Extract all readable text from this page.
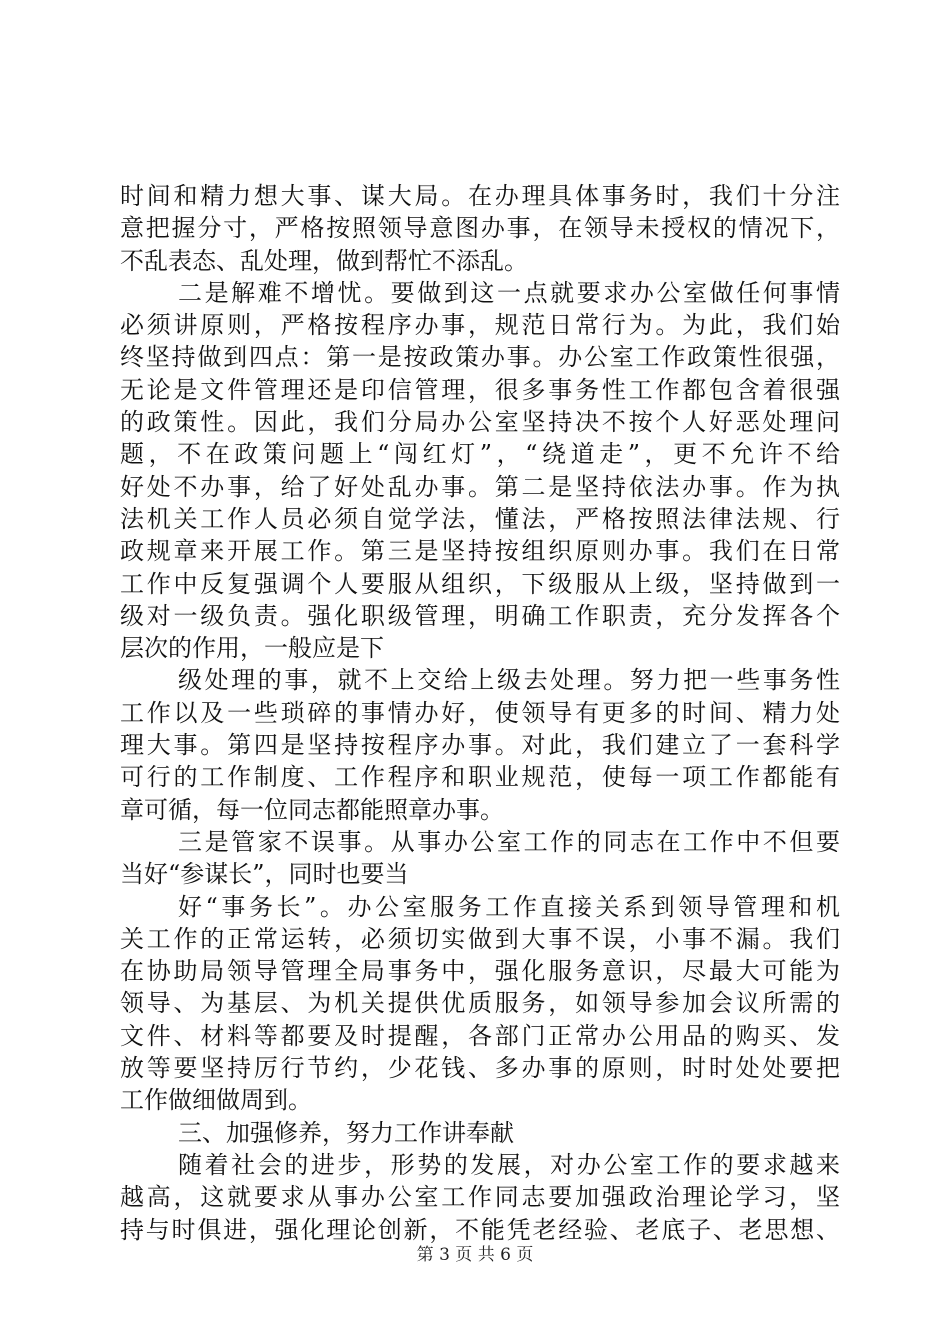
时间和精力想大事、谋大局。在办理具体事务时，我们十分注
意把握分寸，严格按照领导意图办事，在领导未授权的情况下，
不乱表态、乱处理，做到帮忙不添乱。
二是解难不增忧。要做到这一点就要求办公室做任何事情
必须讲原则，严格按程序办事，规范日常行为。为此，我们始
终坚持做到四点：第一是按政策办事。办公室工作政策性很强，
无论是文件管理还是印信管理，很多事务性工作都包含着很强
的政策性。因此，我们分局办公室坚持决不按个人好恶处理问
题，不在政策问题上“闯红灯”，“绕道走”，更不允许不给
好处不办事，给了好处乱办事。第二是坚持依法办事。作为执
法机关工作人员必须自觉学法，懂法，严格按照法律法规、行
政规章来开展工作。第三是坚持按组织原则办事。我们在日常
工作中反复强调个人要服从组织，下级服从上级，坚持做到一
级对一级负责。强化职级管理，明确工作职责，充分发挥各个
层次的作用，一般应是下
级处理的事，就不上交给上级去处理。努力把一些事务性
工作以及一些琐碎的事情办好，使领导有更多的时间、精力处
理大事。第四是坚持按程序办事。对此，我们建立了一套科学
可行的工作制度、工作程序和职业规范，使每一项工作都能有
章可循，每一位同志都能照章办事。
三是管家不误事。从事办公室工作的同志在工作中不但要
当好“参谋长”，同时也要当
好“事务长”。办公室服务工作直接关系到领导管理和机
关工作的正常运转，必须切实做到大事不误，小事不漏。我们
在协助局领导管理全局事务中，强化服务意识，尽最大可能为
领导、为基层、为机关提供优质服务，如领导参加会议所需的
文件、材料等都要及时提醒，各部门正常办公用品的购买、发
放等要坚持厉行节约，少花钱、多办事的原则，时时处处要把
工作做细做周到。
三、加强修养，努力工作讲奉献
随着社会的进步，形势的发展，对办公室工作的要求越来
越高，这就要求从事办公室工作同志要加强政治理论学习，坚
持与时俱进，强化理论创新，不能凭老经验、老底子、老思想、
第 3 页 共 6 页
